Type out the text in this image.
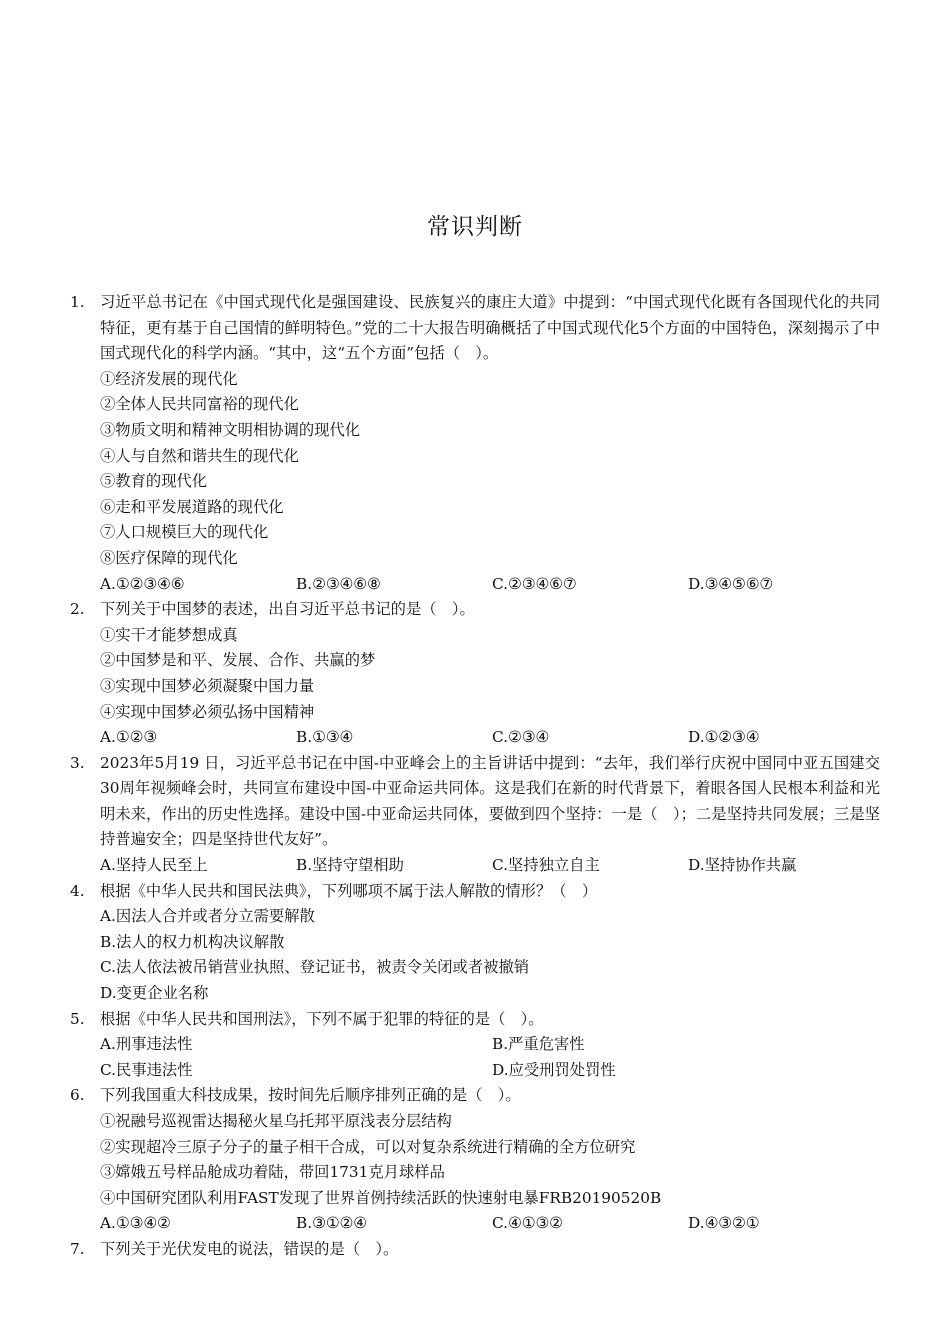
常识判断
1.	习近平总书记在《中国式现代化是强国建设、民族复兴的康庄大道》中提到：“中国式现代化既有各国现代化的共同特征，更有基于自己国情的鲜明特色。”党的二十大报告明确概括了中国式现代化5个方面的中国特色，深刻揭示了中国式现代化的科学内涵。“其中，这“五个方面”包括（　）。
①经济发展的现代化
②全体人民共同富裕的现代化
③物质文明和精神文明相协调的现代化
④人与自然和谐共生的现代化
⑤教育的现代化
⑥走和平发展道路的现代化
⑦人口规模巨大的现代化
⑧医疗保障的现代化
A.①②③④⑥	B.②③④⑥⑧	C.②③④⑥⑦	D.③④⑤⑥⑦
2.	下列关于中国梦的表述，出自习近平总书记的是（　）。
①实干才能梦想成真
②中国梦是和平、发展、合作、共赢的梦
③实现中国梦必须凝聚中国力量
④实现中国梦必须弘扬中国精神
A.①②③	B.①③④	C.②③④	D.①②③④
3.	2023年5月19 日，习近平总书记在中国-中亚峰会上的主旨讲话中提到：“去年，我们举行庆祝中国同中亚五国建交30周年视频峰会时，共同宣布建设中国-中亚命运共同体。这是我们在新的时代背景下，着眼各国人民根本利益和光明未来，作出的历史性选择。建设中国-中亚命运共同体，要做到四个坚持：一是（　）；二是坚持共同发展；三是坚持普遍安全；四是坚持世代友好”。
A.坚持人民至上	B.坚持守望相助	C.坚持独立自主	D.坚持协作共赢
4.	根据《中华人民共和国民法典》，下列哪项不属于法人解散的情形？（　）
A.因法人合并或者分立需要解散
B.法人的权力机构决议解散
C.法人依法被吊销营业执照、登记证书，被责令关闭或者被撤销
D.变更企业名称
5.	根据《中华人民共和国刑法》，下列不属于犯罪的特征的是（　）。
A.刑事违法性	B.严重危害性
C.民事违法性	D.应受刑罚处罚性
6.	下列我国重大科技成果，按时间先后顺序排列正确的是（　）。
①祝融号巡视雷达揭秘火星乌托邦平原浅表分层结构
②实现超冷三原子分子的量子相干合成，可以对复杂系统进行精确的全方位研究
③嫦娥五号样品舱成功着陆，带回1731克月球样品
④中国研究团队利用FAST发现了世界首例持续活跃的快速射电暴FRB20190520B
A.①③④②	B.③①②④	C.④①③②	D.④③②①
7.	下列关于光伏发电的说法，错误的是（　）。
